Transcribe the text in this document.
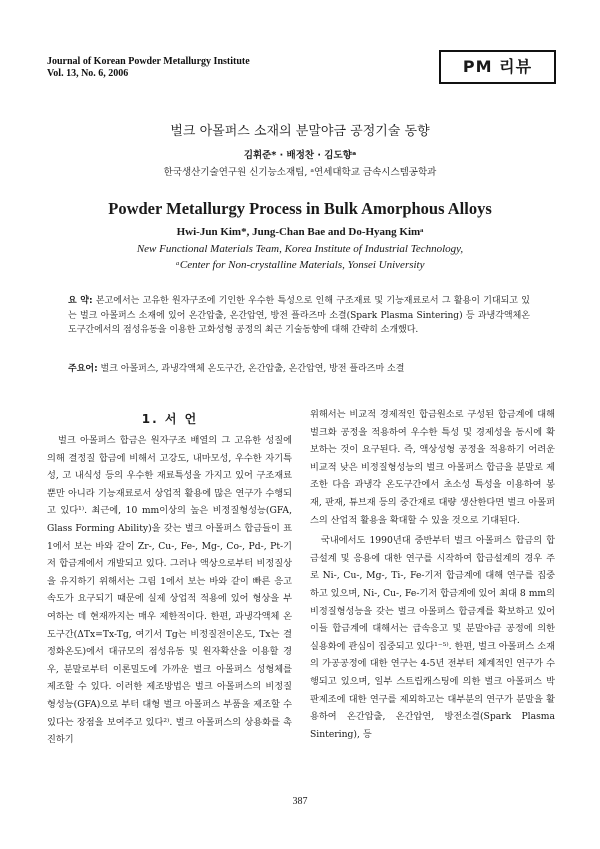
Journal of Korean Powder Metallurgy Institute
Vol. 13, No. 6, 2006	PM 리뷰
벌크 아몰퍼스 소재의 분말야금 공정기술 동향
김휘준* · 배정찬 · 김도향ᵃ
한국생산기술연구원 신기능소재팀, ᵃ연세대학교 금속시스템공학과
Powder Metallurgy Process in Bulk Amorphous Alloys
Hwi-Jun Kim*, Jung-Chan Bae and Do-Hyang Kimᵃ
New Functional Materials Team, Korea Institute of Industrial Technology,
ᵃCenter for Non-crystalline Materials, Yonsei University
요 약: 본고에서는 고유한 원자구조에 기인한 우수한 특성으로 인해 구조재료 및 기능재료로서 그 활용이 기대되고 있는 벌크 아몰퍼스 소재에 있어 온간압출, 온간압연, 방전 플라즈마 소결(Spark Plasma Sintering) 등 과냉각액체온도구간에서의 점성유동을 이용한 고화성형 공정의 최근 기술동향에 대해 간략히 소개했다.
주요어: 벌크 아몰퍼스, 과냉각액체 온도구간, 온간압출, 온간압연, 방전 플라즈마 소결
1. 서 언

벌크 아몰퍼스 합금은 원자구조 배열의 그 고유한 성질에 의해 결정질 합금에 비해서 고강도, 내마모성, 우수한 자기특성, 고 내식성 등의 우수한 재료특성을 가지고 있어 구조재료뿐만 아니라 기능재료로서 상업적 활용에 많은 연구가 수행되고 있다¹⁾. 최근에, 10 mm이상의 높은 비정질형성능(GFA, Glass Forming Ability)을 갖는 벌크 아몰퍼스 합금들이 표 1에서 보는 바와 같이 Zr-, Cu-, Fe-, Mg-, Co-, Pd-, Pt-기저 합금계에서 개발되고 있다. 그러나 액상으로부터 비정질상을 유지하기 위해서는 그림 1에서 보는 바와 같이 빠른 응고속도가 요구되기 때문에 실제 상업적 적용에 있어 형상을 부여하는 데 현재까지는 매우 제한적이다. 한편, 과냉각액체 온도구간(ΔTx=Tx-Tg, 여기서 Tg는 비정질전이온도, Tx는 결정화온도)에서 대규모의 점성유동 및 원자확산을 이용할 경우, 분말로부터 이론밀도에 가까운 벌크 아몰퍼스 성형체를 제조할 수 있다. 이러한 제조방법은 벌크 아몰퍼스의 비정질형성능(GFA)으로 부터 대형 벌크 아몰퍼스 부품을 제조할 수 있다는 장점을 보여주고 있다²⁾. 벌크 아몰퍼스의 상용화를 촉진하기

위해서는 비교적 경제적인 합금원소로 구성된 합금계에 대해 벌크화 공정을 적용하여 우수한 특성 및 경제성을 동시에 확보하는 것이 요구된다. 즉, 액상성형 공정을 적용하기 어려운 비교적 낮은 비정질형성능의 벌크 아몰퍼스 합금을 분말로 제조한 다음 과냉각 온도구간에서 초소성 특성을 이용하여 봉재, 판재, 튜브재 등의 중간재로 대량 생산한다면 벌크 아몰퍼스의 산업적 활용을 확대할 수 있을 것으로 기대된다.

국내에서도 1990년대 중반부터 벌크 아몰퍼스 합금의 합금설계 및 응용에 대한 연구를 시작하여 합금설계의 경우 주로 Ni-, Cu-, Mg-, Ti-, Fe-기저 합금계에 대해 연구를 집중하고 있으며, Ni-, Cu-, Fe-기저 합금계에 있어 최대 8 mm의 비정질형성능을 갖는 벌크 아몰퍼스 합금계를 확보하고 있어 이들 합금계에 대해서는 급속응고 및 분말야금 공정에 의한 실용화에 관심이 집중되고 있다¹⁻⁵⁾. 한편, 벌크 아몰퍼스 소재의 가공공정에 대한 연구는 4-5년 전부터 체계적인 연구가 수행되고 있으며, 일부 스트립캐스팅에 의한 벌크 아몰퍼스 박판제조에 대한 연구를 제외하고는 대부분의 연구가 분말을 활용하여 온간압출, 온간압연, 방전소결(Spark Plasma Sintering), 등

387
